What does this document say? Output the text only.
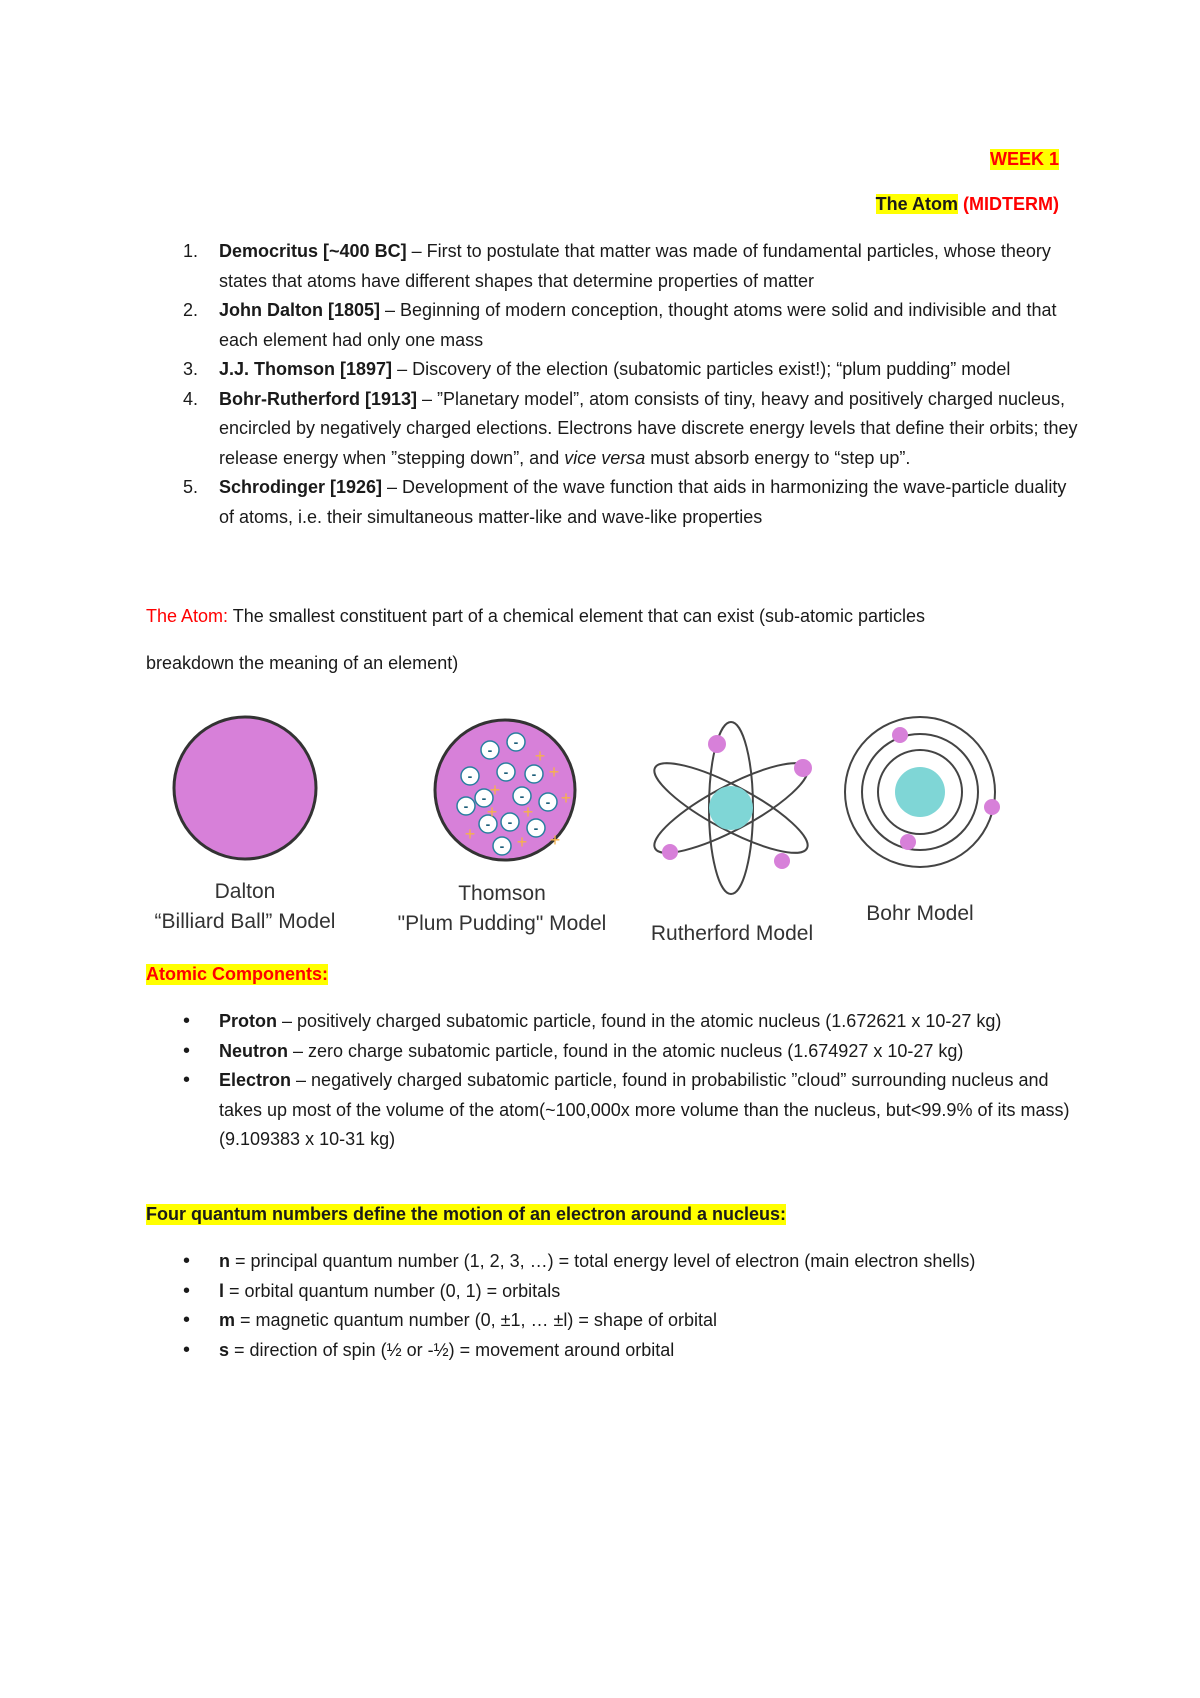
WEEK 1
The Atom (MIDTERM)
1. Democritus [~400 BC] – First to postulate that matter was made of fundamental particles, whose theory states that atoms have different shapes that determine properties of matter
2. John Dalton [1805] – Beginning of modern conception, thought atoms were solid and indivisible and that each element had only one mass
3. J.J. Thomson [1897] – Discovery of the election (subatomic particles exist!); “plum pudding” model
4. Bohr-Rutherford [1913] – ”Planetary model”, atom consists of tiny, heavy and positively charged nucleus, encircled by negatively charged elections. Electrons have discrete energy levels that define their orbits; they release energy when ”stepping down”, and vice versa must absorb energy to “step up”.
5. Schrodinger [1926] – Development of the wave function that aids in harmonizing the wave-particle duality of atoms, i.e. their simultaneous matter-like and wave-like properties
The Atom: The smallest constituent part of a chemical element that can exist (sub-atomic particles
breakdown the meaning of an element)
Dalton
“Billiard Ball” Model
- -
- - -
- - -
- -
-
-
-
+
+
+ +
+
+ + +
+
Thomson
"Plum Pudding" Model Rutherford Model
Bohr Model
Atomic Components:
• Proton – positively charged subatomic particle, found in the atomic nucleus (1.672621 x 10-27 kg)
• Neutron – zero charge subatomic particle, found in the atomic nucleus (1.674927 x 10-27 kg)
• Electron – negatively charged subatomic particle, found in probabilistic ”cloud” surrounding nucleus and takes up most of the volume of the atom(~100,000x more volume than the nucleus, but<99.9% of its mass)(9.109383 x 10-31 kg)
Four quantum numbers define the motion of an electron around a nucleus:
• n = principal quantum number (1, 2, 3, …) = total energy level of electron (main electron shells)
• l = orbital quantum number (0, 1) = orbitals
• m = magnetic quantum number (0, ±1, … ±l) = shape of orbital
• s = direction of spin (½ or -½) = movement around orbital
